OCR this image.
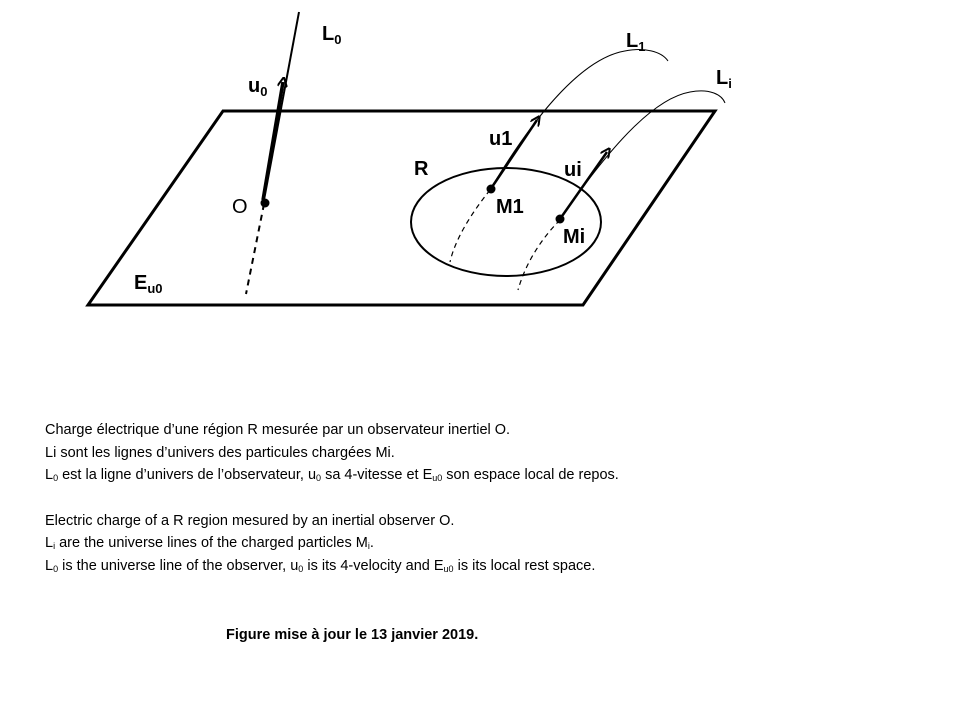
$L_0$	$L_1$
$L_i$
$u_0$
u1
ui
R
O	M1
Mi
$E_{u0}$

Charge électrique d’une région R mesurée par un observateur inertiel O.

Li sont les lignes d’univers des particules chargées Mi.

$L_0$ est la ligne d’univers de l’observateur, $u_0$ sa 4-vitesse et $E_{u0}$ son espace local de repos.

Electric charge of a R region mesured by an inertial observer O.

$L_i$ are the universe lines of the charged particles $M_i$.

$L_0$ is the universe line of the observer, $u_0$ is its 4-velocity and $E_{u0}$ is its local rest space.

Figure mise à jour le 13 janvier 2019.
